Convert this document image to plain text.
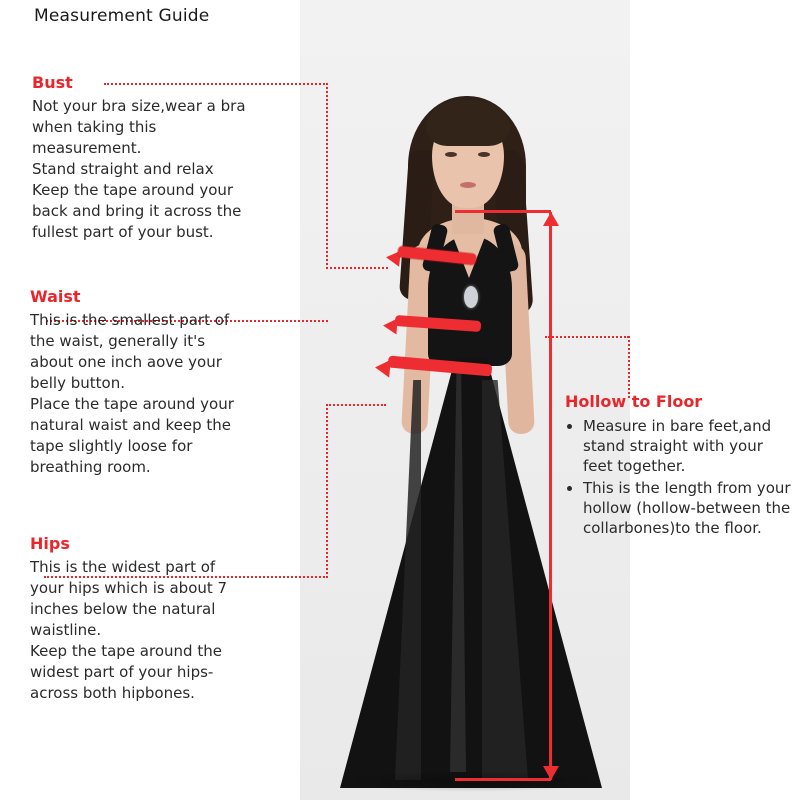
Measurement Guide
Bust

Not your bra size,wear a bra

when taking this

measurement.

Stand straight and relax

Keep the tape around your

back and bring it across the

fullest part of your bust.

Waist

This is the smallest part of

the waist, generally it's

about one inch aove your

belly button.

Place the tape around your

natural waist and keep the

tape slightly loose for

breathing room.

Hips

This is the widest part of

your hips which is about 7

inches below the natural

waistline.

Keep the tape around the

widest part of your hips-

across both hipbones.

Hollow to Floor
• Measure in bare feet,and stand straight with your feet together.
• This is the length from your hollow (hollow-between the collarbones)to the floor.
